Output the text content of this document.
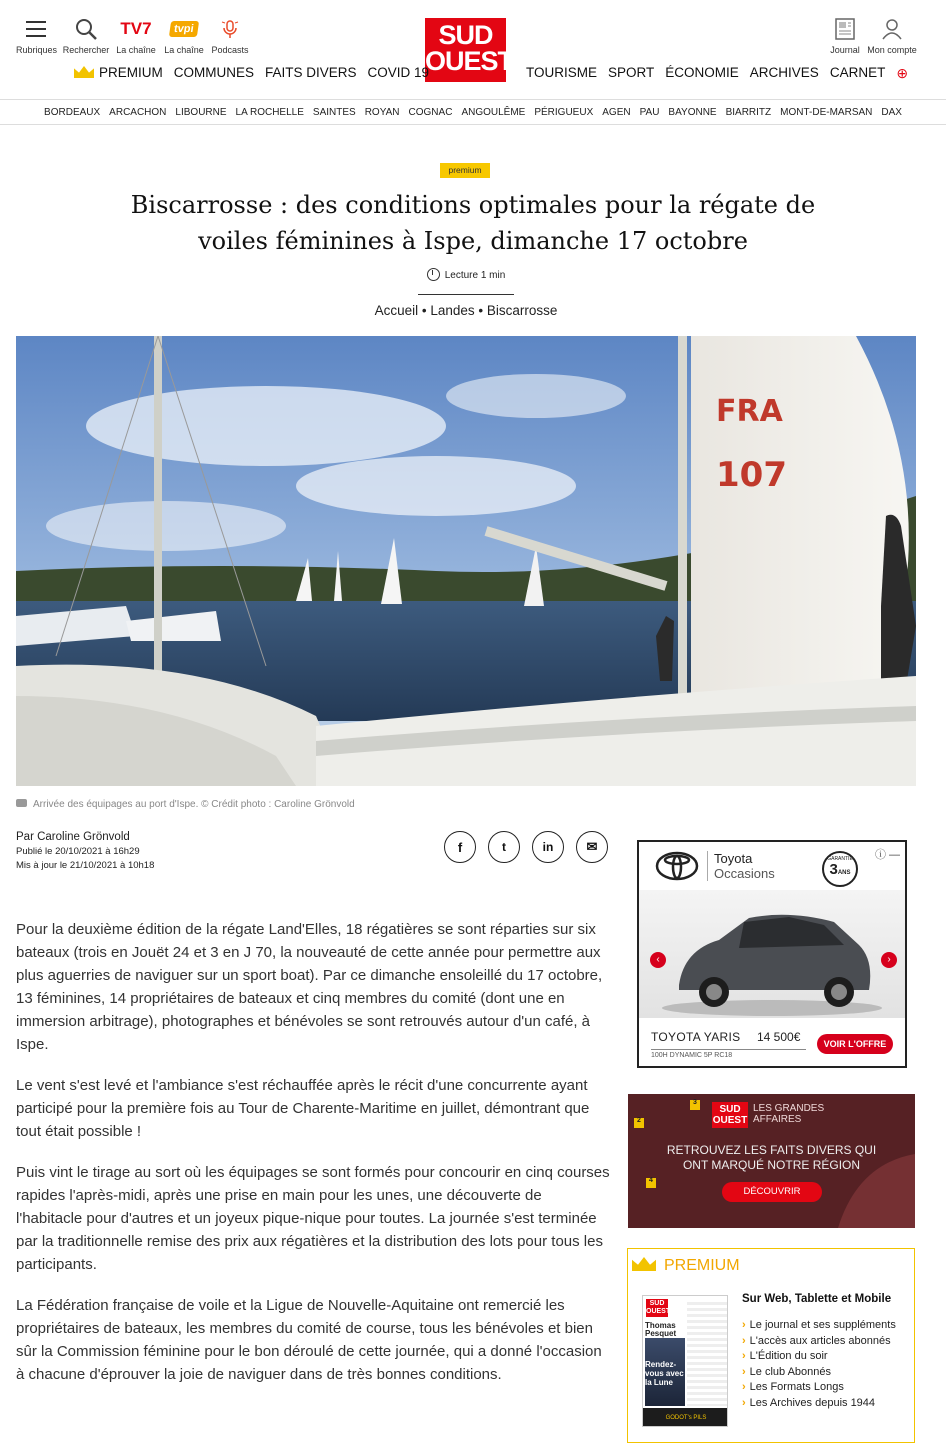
Rubriques Rechercher
TV7
La chaîne
tvpi
La chaîne Podcasts	SUD
OUEST	Journal Mon compte
PREMIUM COMMUNES FAITS DIVERS COVID 19	TOURISME SPORT ÉCONOMIE ARCHIVES CARNET ⊕
BORDEAUX ARCACHON LIBOURNE LA ROCHELLE SAINTES ROYAN COGNAC ANGOULÊME PÉRIGUEUX AGEN PAU BAYONNE BIARRITZ MONT-DE-MARSAN DAX
premium
Biscarrosse : des conditions optimales pour la régate de
voiles féminines à Ispe, dimanche 17 octobre
Lecture 1 min
Accueil • Landes • Biscarrosse
FRA
107
Arrivée des équipages au port d'Ispe. © Crédit photo : Caroline Grönvold
Par Caroline Grönvold
Publié le 20/10/2021 à 16h29
Mis à jour le 21/10/2021 à 10h18
f	t	in	✉

Pour la deuxième édition de la régate Land'Elles, 18 régatières se sont réparties sur six bateaux (trois en Jouët 24 et 3 en J 70, la nouveauté de cette année pour permettre aux plus aguerries de naviguer sur un sport boat). Par ce dimanche ensoleillé du 17 octobre, 13 féminines, 14 propriétaires de bateaux et cinq membres du comité (dont une en immersion arbitrage), photographes et bénévoles se sont retrouvés autour d'un café, à Ispe.

Le vent s'est levé et l'ambiance s'est réchauffée après le récit d'une concurrente ayant participé pour la première fois au Tour de Charente-Maritime en juillet, démontrant que tout était possible !

Puis vint le tirage au sort où les équipages se sont formés pour concourir en cinq courses rapides l'après-midi, après une prise en main pour les unes, une découverte de l'habitacle pour d'autres et un joyeux pique-nique pour toutes. La journée s'est terminée par la traditionnelle remise des prix aux régatières et la distribution des lots pour tous les participants.

La Fédération française de voile et la Ligue de Nouvelle-Aquitaine ont remercié les propriétaires de bateaux, les membres du comité de course, tous les bénévoles et bien sûr la Commission féminine pour le bon déroulé de cette journée, qui a donné l'occasion à chacune d'éprouver la joie de naviguer dans de très bonnes conditions.

Toyota
Occasions
GARANTIE
3ANS
ⓘ —
‹	›
TOYOTA YARIS 14 500€
100H DYNAMIC 5P RC18
VOIR L'OFFRE
3
2
4
SUD
OUEST
LES GRANDES
AFFAIRES
RETROUVEZ LES FAITS DIVERS QUI
ONT MARQUÉ NOTRE RÉGION
DÉCOUVRIR
PREMIUM
SUD
OUEST
Thomas Pesquet
Rendez-vous avec la Lune
GODOT's PILS
Sur Web, Tablette et Mobile
› Le journal et ses suppléments
› L'accès aux articles abonnés
› L'Édition du soir
› Le club Abonnés
› Les Formats Longs
› Les Archives depuis 1944
